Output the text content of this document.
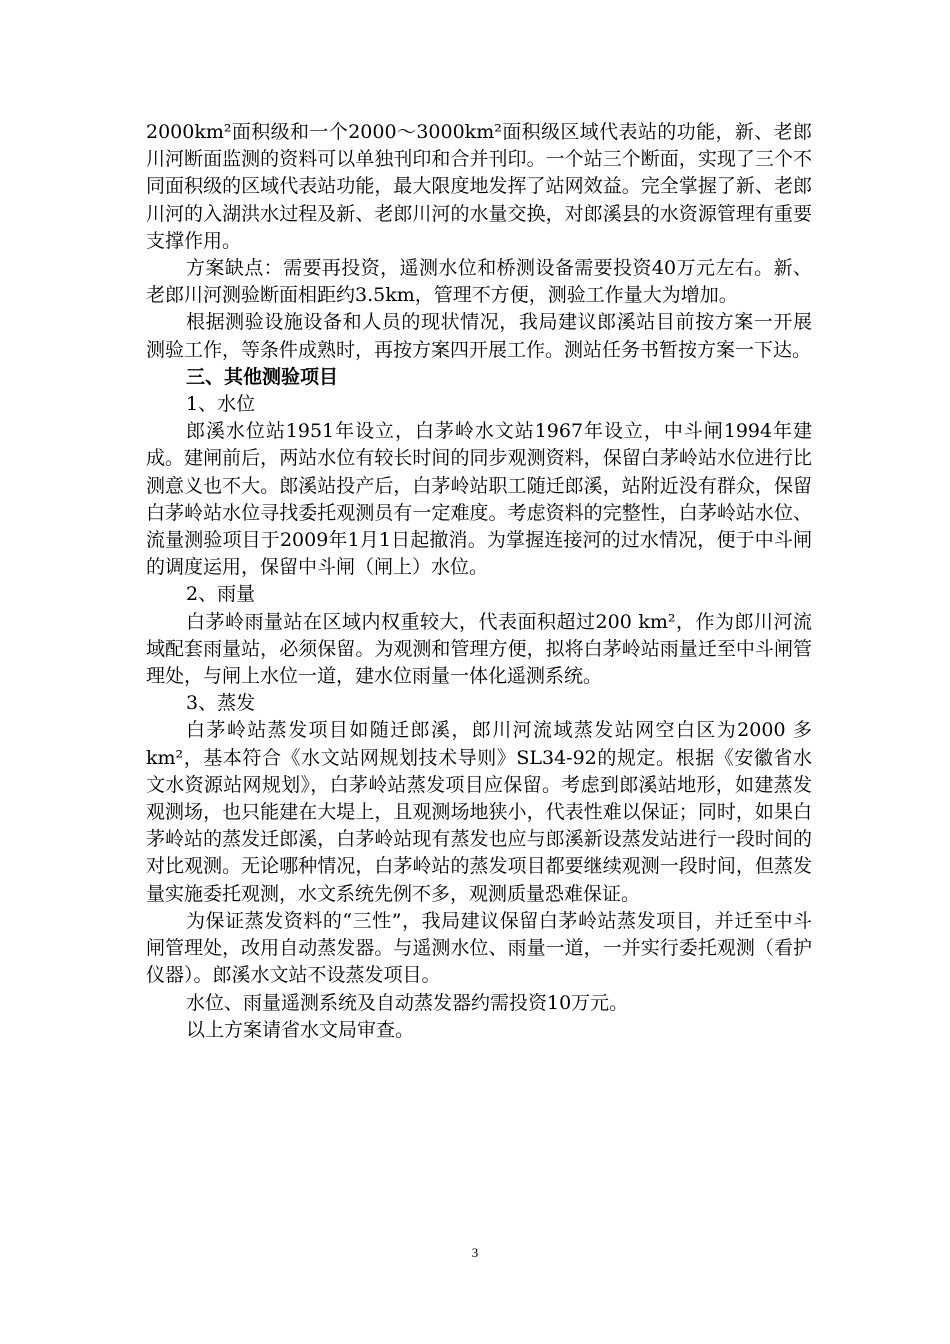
2000km²面积级和一个2000～3000km²面积级区域代表站的功能，新、老郎川河断面监测的资料可以单独刊印和合并刊印。一个站三个断面，实现了三个不同面积级的区域代表站功能，最大限度地发挥了站网效益。完全掌握了新、老郎川河的入湖洪水过程及新、老郎川河的水量交换，对郎溪县的水资源管理有重要支撑作用。

方案缺点：需要再投资，遥测水位和桥测设备需要投资40万元左右。新、老郎川河测验断面相距约3.5km，管理不方便，测验工作量大为增加。

根据测验设施设备和人员的现状情况，我局建议郎溪站目前按方案一开展测验工作，等条件成熟时，再按方案四开展工作。测站任务书暂按方案一下达。

三、其他测验项目

1、水位

郎溪水位站1951年设立，白茅岭水文站1967年设立，中斗闸1994年建成。建闸前后，两站水位有较长时间的同步观测资料，保留白茅岭站水位进行比测意义也不大。郎溪站投产后，白茅岭站职工随迁郎溪，站附近没有群众，保留白茅岭站水位寻找委托观测员有一定难度。考虑资料的完整性，白茅岭站水位、流量测验项目于2009年1月1日起撤消。为掌握连接河的过水情况，便于中斗闸的调度运用，保留中斗闸（闸上）水位。

2、雨量

白茅岭雨量站在区域内权重较大，代表面积超过200 km²，作为郎川河流域配套雨量站，必须保留。为观测和管理方便，拟将白茅岭站雨量迁至中斗闸管理处，与闸上水位一道，建水位雨量一体化遥测系统。

3、蒸发

白茅岭站蒸发项目如随迁郎溪，郎川河流域蒸发站网空白区为2000 多km²，基本符合《水文站网规划技术导则》SL34-92的规定。根据《安徽省水文水资源站网规划》，白茅岭站蒸发项目应保留。考虑到郎溪站地形，如建蒸发观测场，也只能建在大堤上，且观测场地狭小，代表性难以保证；同时，如果白茅岭站的蒸发迁郎溪，白茅岭站现有蒸发也应与郎溪新设蒸发站进行一段时间的对比观测。无论哪种情况，白茅岭站的蒸发项目都要继续观测一段时间，但蒸发量实施委托观测，水文系统先例不多，观测质量恐难保证。

为保证蒸发资料的“三性”，我局建议保留白茅岭站蒸发项目，并迁至中斗闸管理处，改用自动蒸发器。与遥测水位、雨量一道，一并实行委托观测（看护仪器）。郎溪水文站不设蒸发项目。

水位、雨量遥测系统及自动蒸发器约需投资10万元。

以上方案请省水文局审查。

3
